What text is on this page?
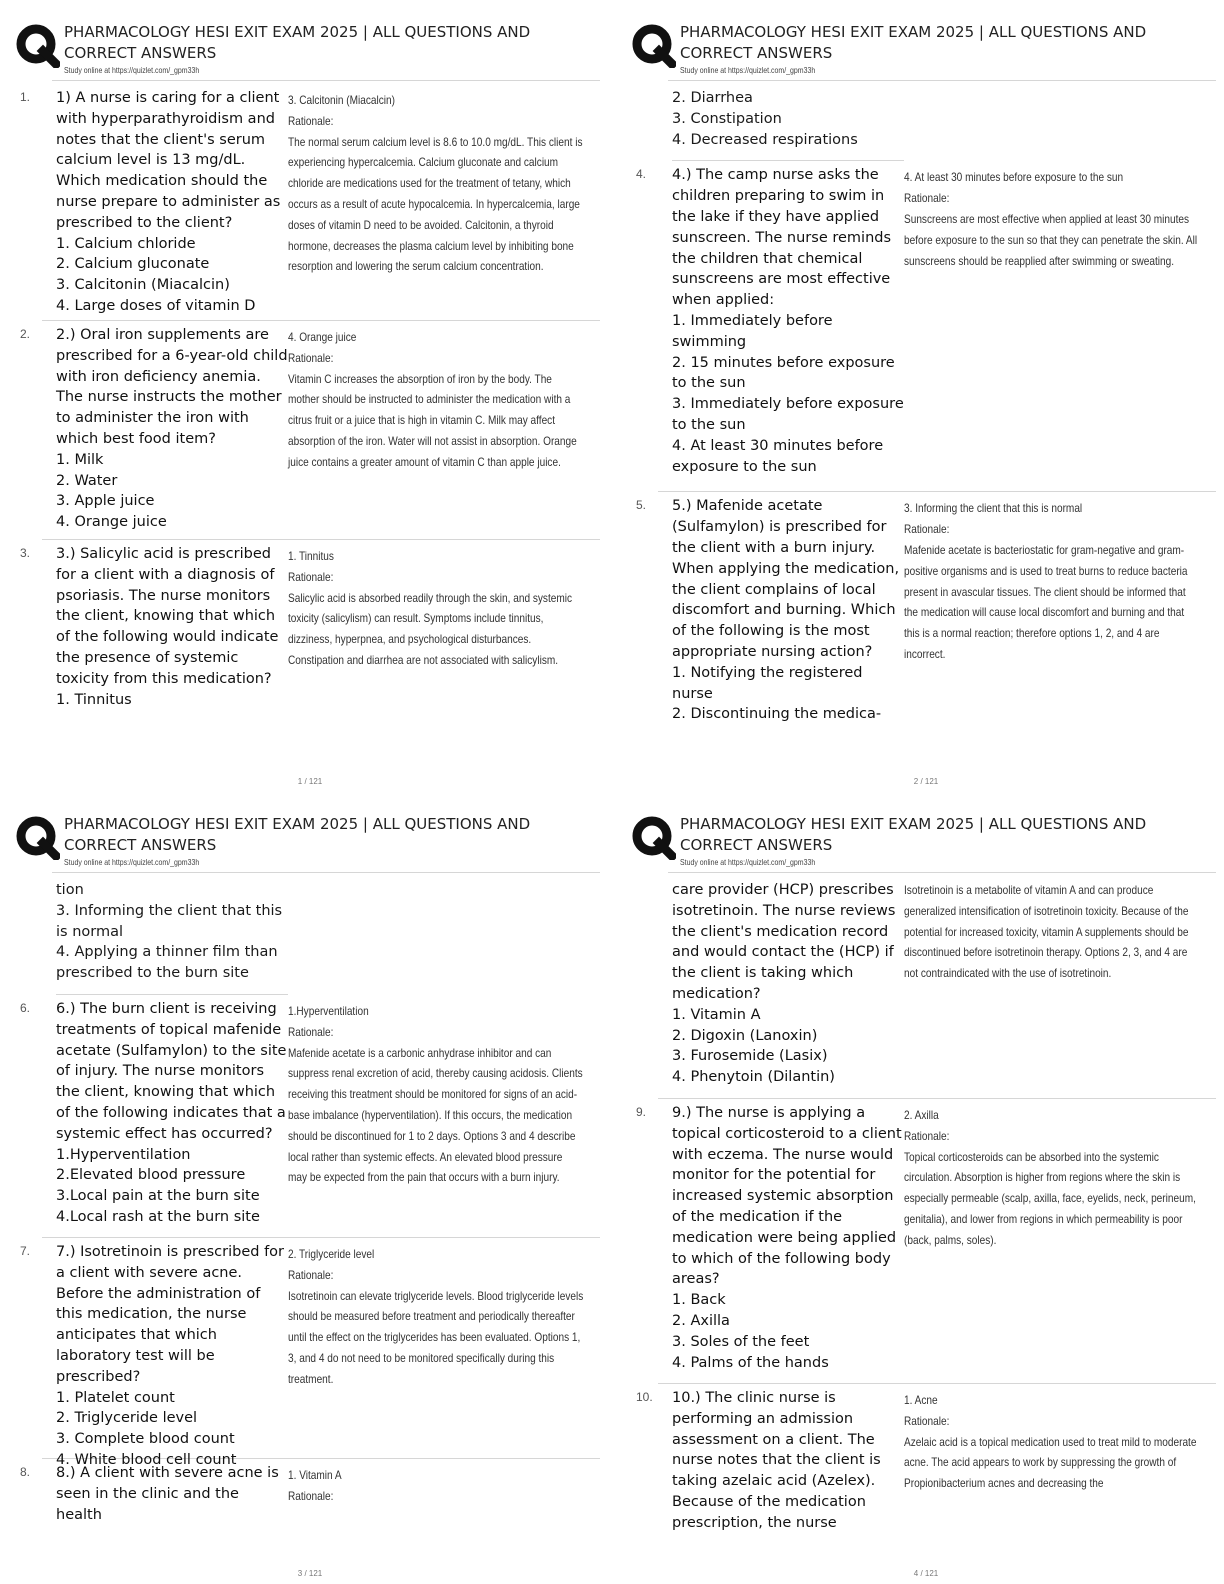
PHARMACOLOGY HESI EXIT EXAM 2025 | ALL QUESTIONS AND CORRECT ANSWERS
Study online at https://quizlet.com/_gpm33h
1. 1) A nurse is caring for a client with hyperparathyroidism and notes that the client's serum calcium level is 13 mg/dL. Which medication should the nurse prepare to administer as prescribed to the client?
1. Calcium chloride
2. Calcium gluconate
3. Calcitonin (Miacalcin)
4. Large doses of vitamin D
3. Calcitonin (Miacalcin)
Rationale:
The normal serum calcium level is 8.6 to 10.0 mg/dL. This client is experiencing hypercalcemia. Calcium gluconate and calcium chloride are medications used for the treatment of tetany, which occurs as a result of acute hypocalcemia. In hypercalcemia, large doses of vitamin D need to be avoided. Calcitonin, a thyroid hormone, decreases the plasma calcium level by inhibiting bone resorption and lowering the serum calcium concentration.
2. 2.) Oral iron supplements are prescribed for a 6-year-old child with iron deficiency anemia. The nurse instructs the mother to administer the iron with which best food item?
1. Milk
2. Water
3. Apple juice
4. Orange juice
4. Orange juice
Rationale:
Vitamin C increases the absorption of iron by the body. The mother should be instructed to administer the medication with a citrus fruit or a juice that is high in vitamin C. Milk may affect absorption of the iron. Water will not assist in absorption. Orange juice contains a greater amount of vitamin C than apple juice.
3. 3.) Salicylic acid is prescribed for a client with a diagnosis of psoriasis. The nurse monitors the client, knowing that which of the following would indicate the presence of systemic toxicity from this medication?
1. Tinnitus
1. Tinnitus
Rationale:
Salicylic acid is absorbed readily through the skin, and systemic toxicity (salicylism) can result. Symptoms include tinnitus, dizziness, hyperpnea, and psychological disturbances. Constipation and diarrhea are not associated with salicylism.
1 / 121
PHARMACOLOGY HESI EXIT EXAM 2025 | ALL QUESTIONS AND CORRECT ANSWERS
Study online at https://quizlet.com/_gpm33h
2. Diarrhea
3. Constipation
4. Decreased respirations
4. 4.) The camp nurse asks the children preparing to swim in the lake if they have applied sunscreen. The nurse reminds the children that chemical sunscreens are most effective when applied:
1. Immediately before swimming
2. 15 minutes before exposure to the sun
3. Immediately before exposure to the sun
4. At least 30 minutes before exposure to the sun
4. At least 30 minutes before exposure to the sun
Rationale:
Sunscreens are most effective when applied at least 30 minutes before exposure to the sun so that they can penetrate the skin. All sunscreens should be reapplied after swimming or sweating.
5. 5.) Mafenide acetate (Sulfamylon) is prescribed for the client with a burn injury. When applying the medication, the client complains of local discomfort and burning. Which of the following is the most appropriate nursing action?
1. Notifying the registered nurse
2. Discontinuing the medica-
3. Informing the client that this is normal
Rationale:
Mafenide acetate is bacteriostatic for gram-negative and gram-positive organisms and is used to treat burns to reduce bacteria present in avascular tissues. The client should be informed that the medication will cause local discomfort and burning and that this is a normal reaction; therefore options 1, 2, and 4 are incorrect.
2 / 121
PHARMACOLOGY HESI EXIT EXAM 2025 | ALL QUESTIONS AND CORRECT ANSWERS
Study online at https://quizlet.com/_gpm33h
tion
3. Informing the client that this is normal
4. Applying a thinner film than prescribed to the burn site
6. 6.) The burn client is receiving treatments of topical mafenide acetate (Sulfamylon) to the site of injury. The nurse monitors the client, knowing that which of the following indicates that a systemic effect has occurred?
1.Hyperventilation
2.Elevated blood pressure
3.Local pain at the burn site
4.Local rash at the burn site
1.Hyperventilation
Rationale:
Mafenide acetate is a carbonic anhydrase inhibitor and can suppress renal excretion of acid, thereby causing acidosis. Clients receiving this treatment should be monitored for signs of an acid-base imbalance (hyperventilation). If this occurs, the medication should be discontinued for 1 to 2 days. Options 3 and 4 describe local rather than systemic effects. An elevated blood pressure may be expected from the pain that occurs with a burn injury.
7. 7.) Isotretinoin is prescribed for a client with severe acne. Before the administration of this medication, the nurse anticipates that which laboratory test will be prescribed?
1. Platelet count
2. Triglyceride level
3. Complete blood count
4. White blood cell count
2. Triglyceride level
Rationale:
Isotretinoin can elevate triglyceride levels. Blood triglyceride levels should be measured before treatment and periodically thereafter until the effect on the triglycerides has been evaluated. Options 1, 3, and 4 do not need to be monitored specifically during this treatment.
8. 8.) A client with severe acne is seen in the clinic and the health
1. Vitamin A
Rationale:
3 / 121
PHARMACOLOGY HESI EXIT EXAM 2025 | ALL QUESTIONS AND CORRECT ANSWERS
Study online at https://quizlet.com/_gpm33h
care provider (HCP) prescribes isotretinoin. The nurse reviews the client's medication record and would contact the (HCP) if the client is taking which medication?
1. Vitamin A
2. Digoxin (Lanoxin)
3. Furosemide (Lasix)
4. Phenytoin (Dilantin)
Isotretinoin is a metabolite of vitamin A and can produce generalized intensification of isotretinoin toxicity. Because of the potential for increased toxicity, vitamin A supplements should be discontinued before isotretinoin therapy. Options 2, 3, and 4 are not contraindicated with the use of isotretinoin.
9. 9.) The nurse is applying a topical corticosteroid to a client with eczema. The nurse would monitor for the potential for increased systemic absorption of the medication if the medication were being applied to which of the following body areas?
1. Back
2. Axilla
3. Soles of the feet
4. Palms of the hands
2. Axilla
Rationale:
Topical corticosteroids can be absorbed into the systemic circulation. Absorption is higher from regions where the skin is especially permeable (scalp, axilla, face, eyelids, neck, perineum, genitalia), and lower from regions in which permeability is poor (back, palms, soles).
10. 10.) The clinic nurse is performing an admission assessment on a client. The nurse notes that the client is taking azelaic acid (Azelex). Because of the medication prescription, the nurse
1. Acne
Rationale:
Azelaic acid is a topical medication used to treat mild to moderate acne. The acid appears to work by suppressing the growth of Propionibacterium acnes and decreasing the
4 / 121
